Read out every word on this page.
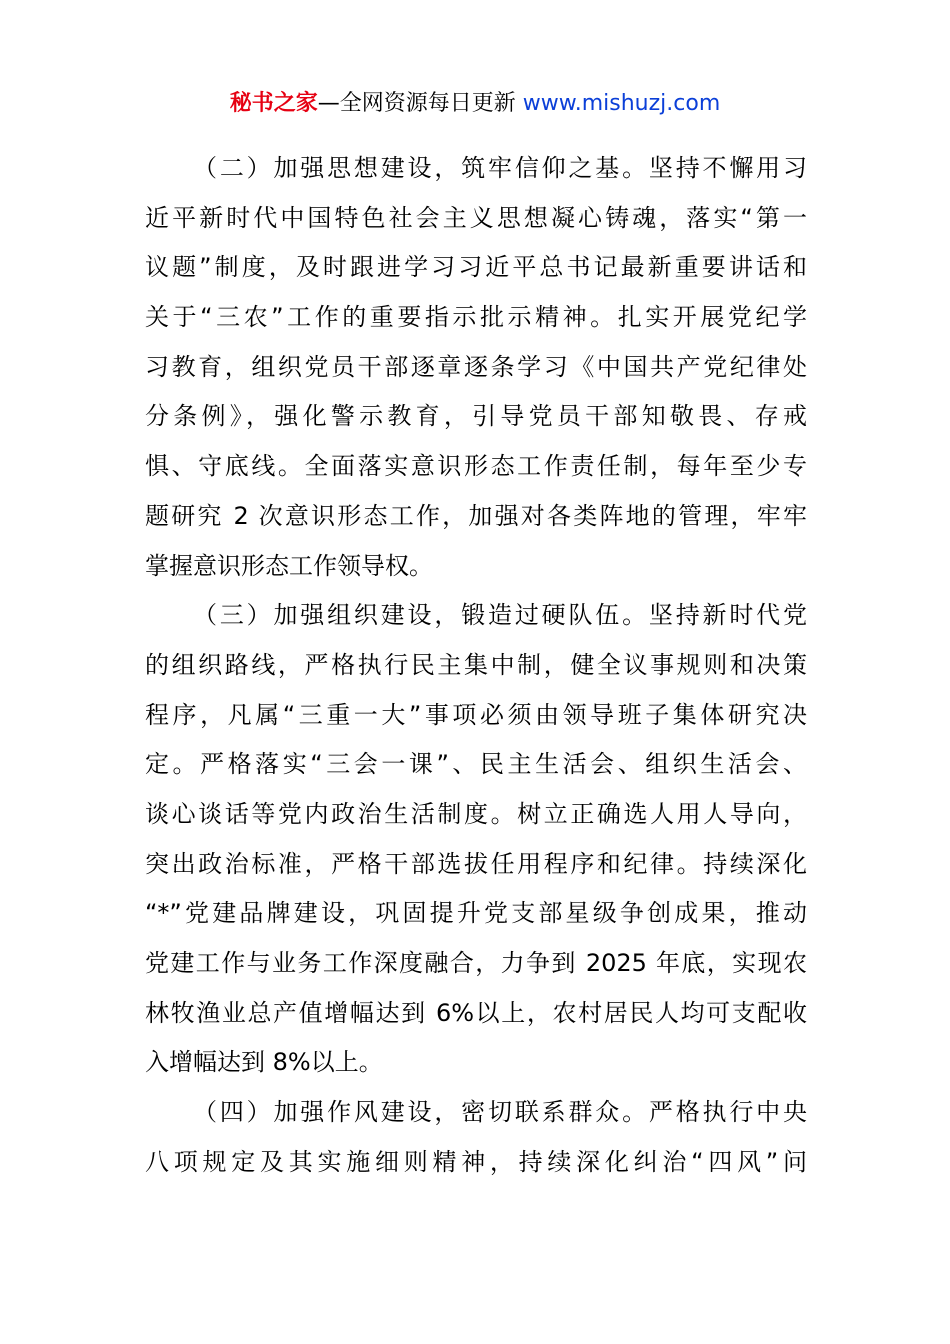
秘书之家—全网资源每日更新 www.mishuzj.com
（二）加强思想建设，筑牢信仰之基。坚持不懈用习
近平新时代中国特色社会主义思想凝心铸魂，落实“第一
议题”制度，及时跟进学习习近平总书记最新重要讲话和
关于“三农”工作的重要指示批示精神。扎实开展党纪学
习教育，组织党员干部逐章逐条学习《中国共产党纪律处
分条例》，强化警示教育，引导党员干部知敬畏、存戒
惧、守底线。全面落实意识形态工作责任制，每年至少专
题研究 2 次意识形态工作，加强对各类阵地的管理，牢牢
掌握意识形态工作领导权。
（三）加强组织建设，锻造过硬队伍。坚持新时代党
的组织路线，严格执行民主集中制，健全议事规则和决策
程序，凡属“三重一大”事项必须由领导班子集体研究决
定。严格落实“三会一课”、民主生活会、组织生活会、
谈心谈话等党内政治生活制度。树立正确选人用人导向，
突出政治标准，严格干部选拔任用程序和纪律。持续深化
“*”党建品牌建设，巩固提升党支部星级争创成果，推动
党建工作与业务工作深度融合，力争到 2025 年底，实现农
林牧渔业总产值增幅达到 6%以上，农村居民人均可支配收
入增幅达到 8%以上。
（四）加强作风建设，密切联系群众。严格执行中央
八项规定及其实施细则精神，持续深化纠治“四风”问
